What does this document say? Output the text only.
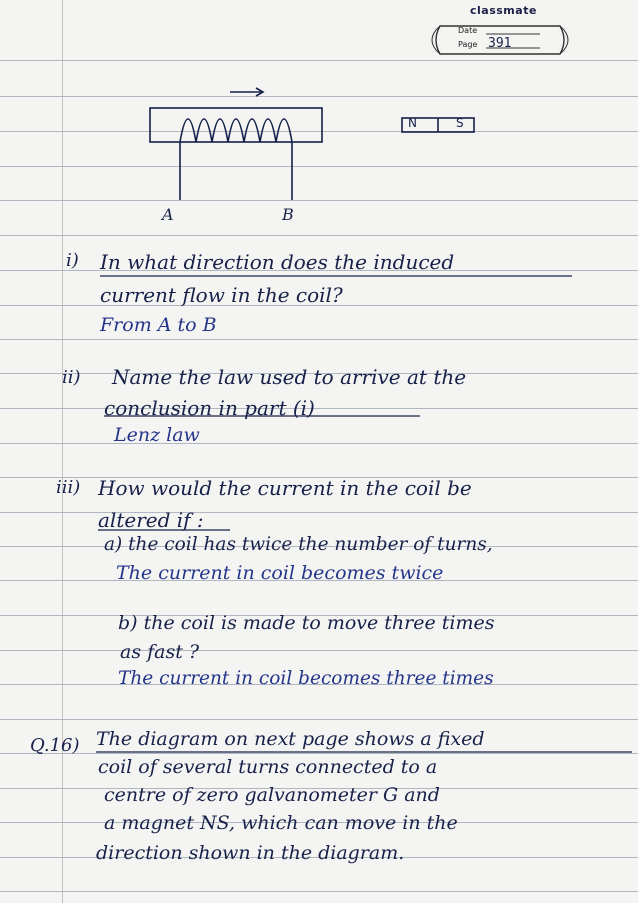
classmate
Date
Page 391
N	S
A	B
i) In what direction does the induced
current flow in the coil?
From A to B
ii) Name the law used to arrive at the
conclusion in part (i)
Lenz law
iii) How would the current in the coil be
altered if :
a) the coil has twice the number of turns,
The current in coil becomes twice
b) the coil is made to move three times
as fast ?
The current in coil becomes three times
Q.16) The diagram on next page shows a fixed
coil of several turns connected to a
centre of zero galvanometer G and
a magnet NS, which can move in the
direction shown in the diagram.
